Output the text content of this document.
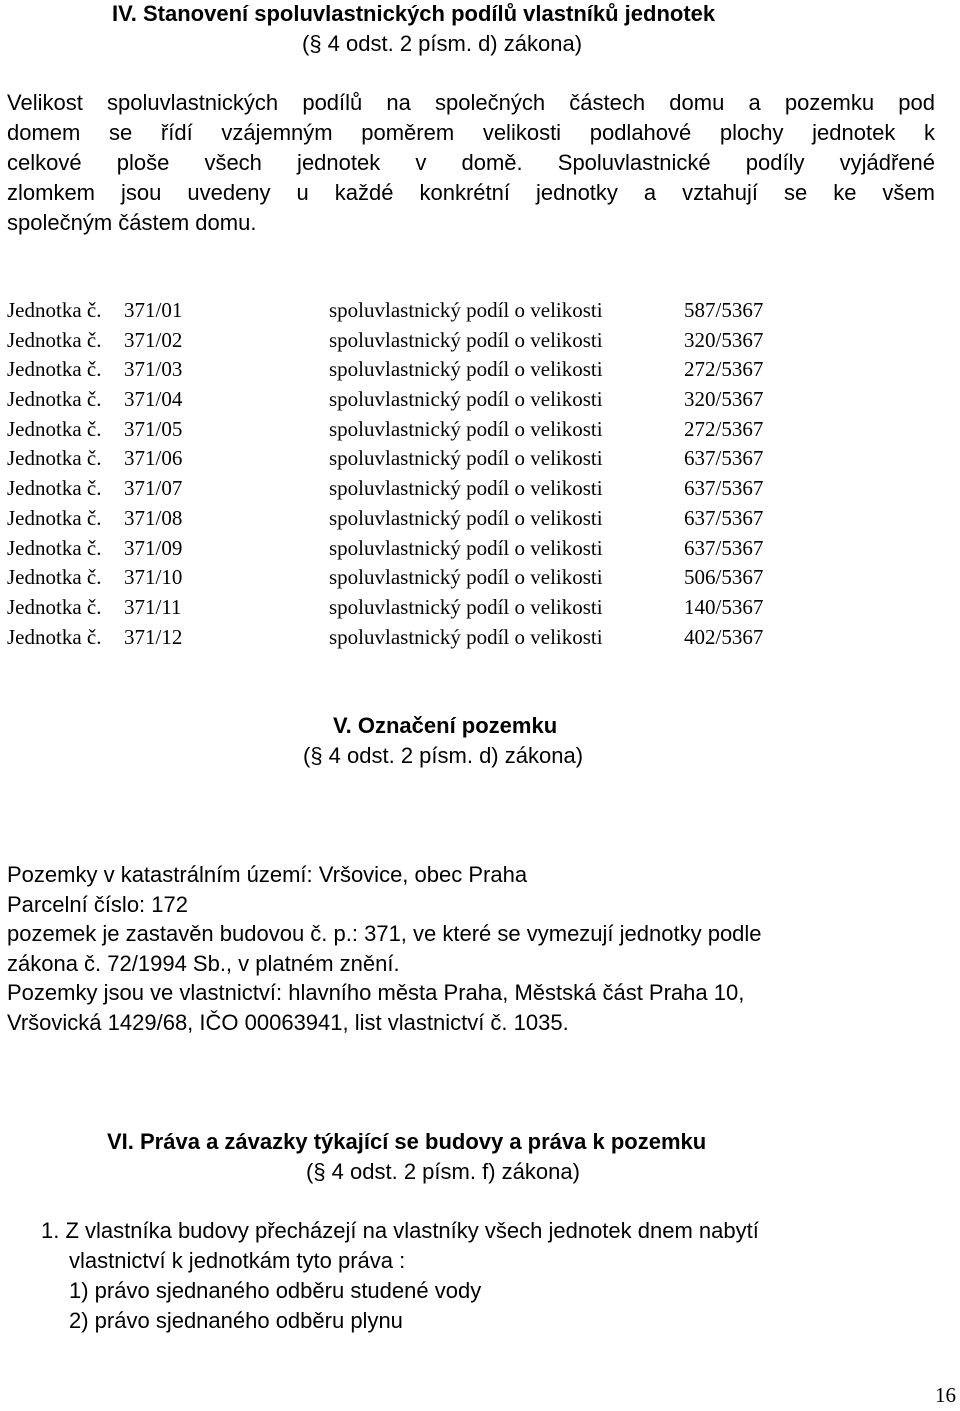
IV. Stanovení spoluvlastnických podílů vlastníků jednotek
(§ 4 odst. 2 písm. d) zákona)
Velikost spoluvlastnických podílů na společných částech domu a pozemku pod
domem se řídí vzájemným poměrem velikosti podlahové plochy jednotek k
celkové ploše všech jednotek v domě. Spoluvlastnické podíly vyjádřené
zlomkem jsou uvedeny u každé konkrétní jednotky a vztahují se ke všem
společným částem domu.
Jednotka č. 371/01	spoluvlastnický podíl o velikosti	587/5367
Jednotka č. 371/02	spoluvlastnický podíl o velikosti	320/5367
Jednotka č. 371/03	spoluvlastnický podíl o velikosti	272/5367
Jednotka č. 371/04	spoluvlastnický podíl o velikosti	320/5367
Jednotka č. 371/05	spoluvlastnický podíl o velikosti	272/5367
Jednotka č. 371/06	spoluvlastnický podíl o velikosti	637/5367
Jednotka č. 371/07	spoluvlastnický podíl o velikosti	637/5367
Jednotka č. 371/08	spoluvlastnický podíl o velikosti	637/5367
Jednotka č. 371/09	spoluvlastnický podíl o velikosti	637/5367
Jednotka č. 371/10	spoluvlastnický podíl o velikosti	506/5367
Jednotka č. 371/11	spoluvlastnický podíl o velikosti	140/5367
Jednotka č. 371/12	spoluvlastnický podíl o velikosti	402/5367
V. Označení pozemku
(§ 4 odst. 2 písm. d) zákona)
Pozemky v katastrálním území: Vršovice, obec Praha
Parcelní číslo: 172
pozemek je zastavěn budovou č. p.: 371, ve které se vymezují jednotky podle
zákona č. 72/1994 Sb., v platném znění.
Pozemky jsou ve vlastnictví: hlavního města Praha, Městská část Praha 10,
Vršovická 1429/68, IČO 00063941, list vlastnictví č. 1035.
VI. Práva a závazky týkající se budovy a práva k pozemku
(§ 4 odst. 2 písm. f) zákona)
1. Z vlastníka budovy přecházejí na vlastníky všech jednotek dnem nabytí
vlastnictví k jednotkám tyto práva :
1) právo sjednaného odběru studené vody
2) právo sjednaného odběru plynu
16
